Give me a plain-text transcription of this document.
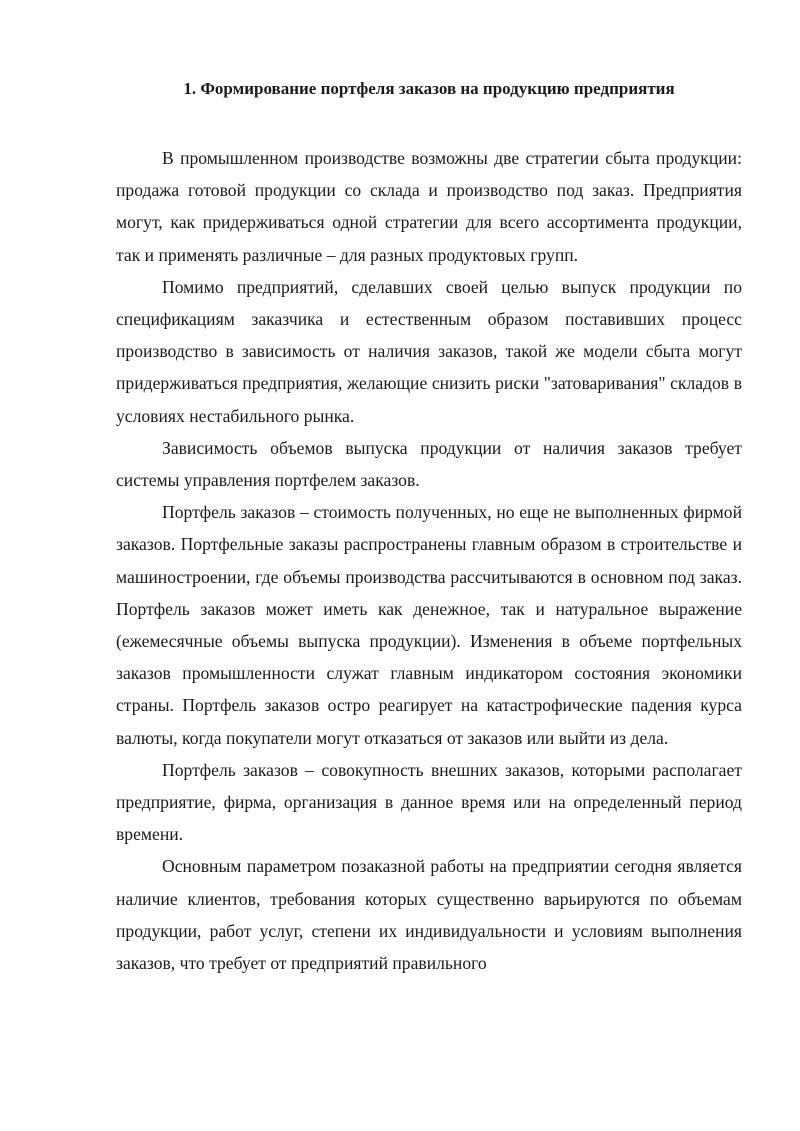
1. Формирование портфеля заказов на продукцию предприятия

В промышленном производстве возможны две стратегии сбыта продукции: продажа готовой продукции со склада и производство под заказ. Предприятия могут, как придерживаться одной стратегии для всего ассортимента продукции, так и применять различные – для разных продуктовых групп.

Помимо предприятий, сделавших своей целью выпуск продукции по спецификациям заказчика и естественным образом поставивших процесс производство в зависимость от наличия заказов, такой же модели сбыта могут придерживаться предприятия, желающие снизить риски "затоваривания" складов в условиях нестабильного рынка.

Зависимость объемов выпуска продукции от наличия заказов требует системы управления портфелем заказов.

Портфель заказов – стоимость полученных, но еще не выполненных фирмой заказов. Портфельные заказы распространены главным образом в строительстве и машиностроении, где объемы производства рассчитываются в основном под заказ. Портфель заказов может иметь как денежное, так и натуральное выражение (ежемесячные объемы выпуска продукции). Изменения в объеме портфельных заказов промышленности служат главным индикатором состояния экономики страны. Портфель заказов остро реагирует на катастрофические падения курса валюты, когда покупатели могут отказаться от заказов или выйти из дела.

Портфель заказов – совокупность внешних заказов, которыми располагает предприятие, фирма, организация в данное время или на определенный период времени.

Основным параметром позаказной работы на предприятии сегодня является наличие клиентов, требования которых существенно варьируются по объемам продукции, работ услуг, степени их индивидуальности и условиям выполнения заказов, что требует от предприятий правильного
